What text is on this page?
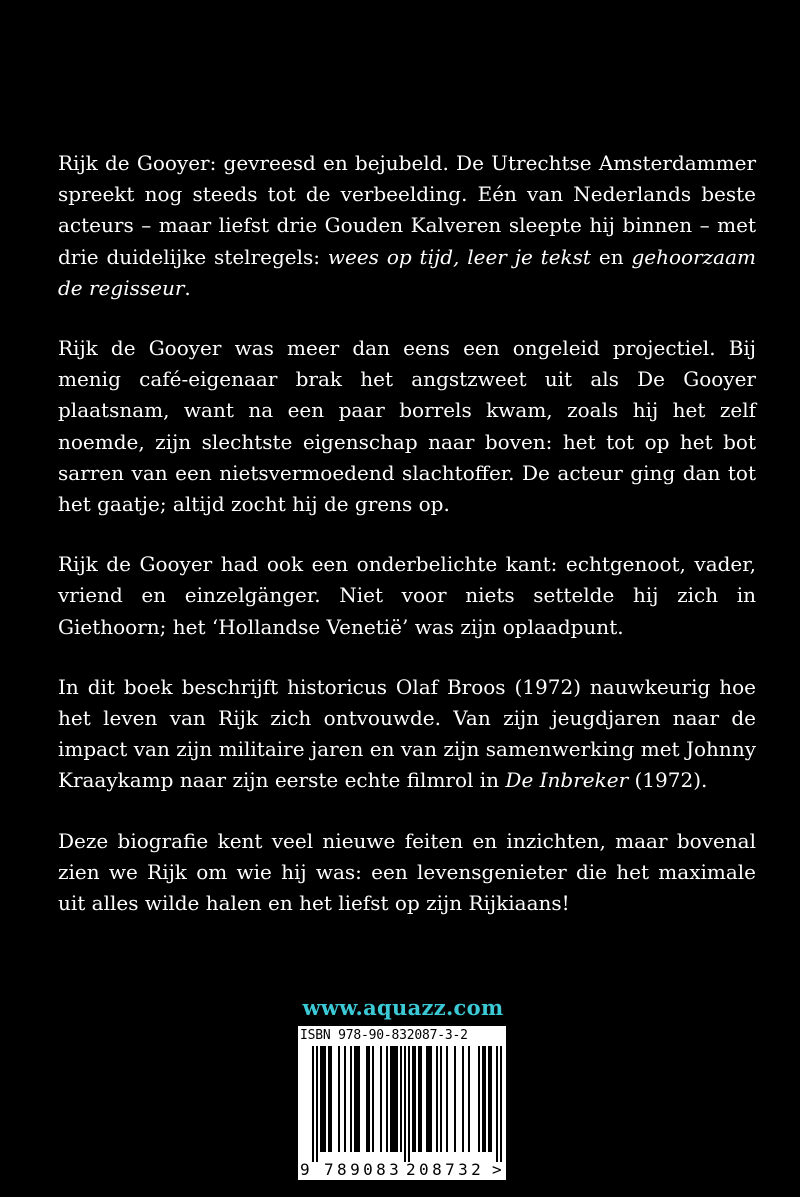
Rijk de Gooyer: gevreesd en bejubeld. De Utrechtse Amsterdammer spreekt nog steeds tot de verbeelding. Eén van Nederlands beste acteurs – maar liefst drie Gouden Kalveren sleepte hij binnen – met drie duidelijke stelregels: wees op tijd, leer je tekst en gehoorzaam de regisseur.

Rijk de Gooyer was meer dan eens een ongeleid projectiel. Bij menig café-eigenaar brak het angstzweet uit als De Gooyer plaatsnam, want na een paar borrels kwam, zoals hij het zelf noemde, zijn slechtste eigenschap naar boven: het tot op het bot sarren van een nietsvermoedend slachtoffer. De acteur ging dan tot het gaatje; altijd zocht hij de grens op.

Rijk de Gooyer had ook een onderbelichte kant: echtgenoot, vader, vriend en einzelgänger. Niet voor niets settelde hij zich in Giethoorn; het ‘Hollandse Venetië’ was zijn oplaadpunt.

In dit boek beschrijft historicus Olaf Broos (1972) nauwkeurig hoe het leven van Rijk zich ontvouwde. Van zijn jeugdjaren naar de impact van zijn militaire jaren en van zijn samenwerking met Johnny Kraaykamp naar zijn eerste echte filmrol in De Inbreker (1972).

Deze biografie kent veel nieuwe feiten en inzichten, maar bovenal zien we Rijk om wie hij was: een levensgenieter die het maximale uit alles wilde halen en het liefst op zijn Rijkiaans!

www.aquazz.com
ISBN 978-90-832087-3-2
9 789083 208732 >
